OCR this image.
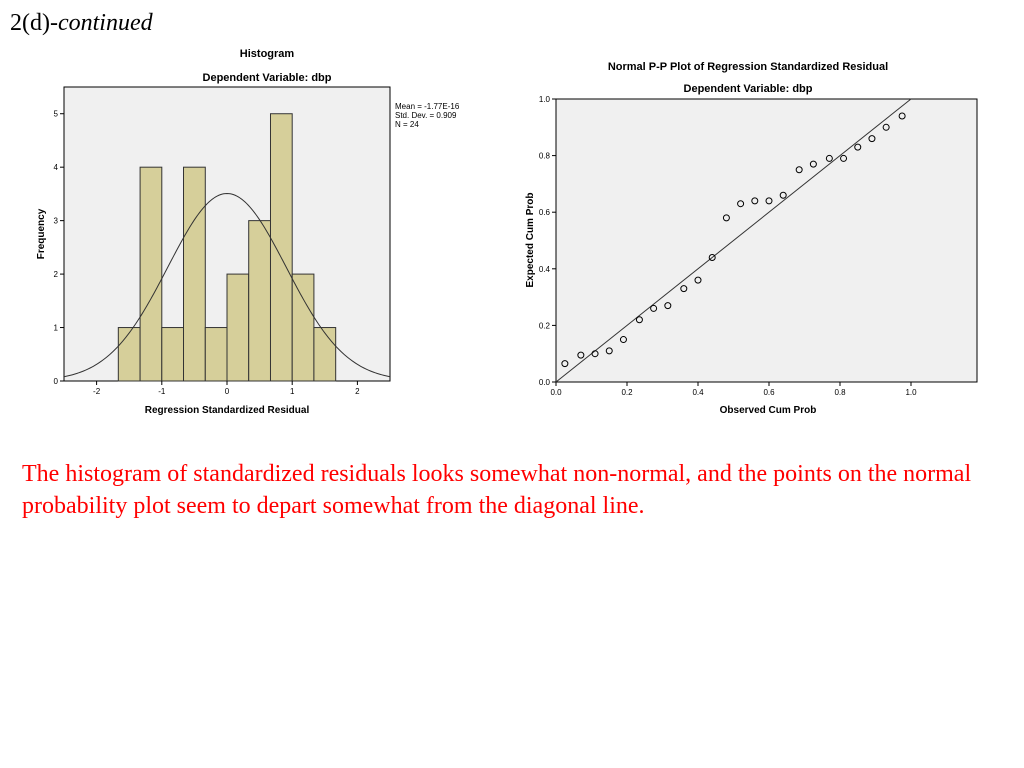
2(d)-continued
Histogram
Dependent Variable: dbp
-2	-1	0	1	2
0
1
2
3
4
5
Frequency
Regression Standardized Residual
Mean = -1.77E-16
Std. Dev. = 0.909
N = 24
Normal P-P Plot of Regression Standardized Residual
Dependent Variable: dbp
0.0	0.2	0.4	0.6	0.8	1.0
0.0
0.2
0.4
0.6
0.8
1.0
Expected Cum Prob
Observed Cum Prob

The histogram of standardized residuals looks somewhat non-normal, and the points on the normal probability plot seem to depart somewhat from the diagonal line.
